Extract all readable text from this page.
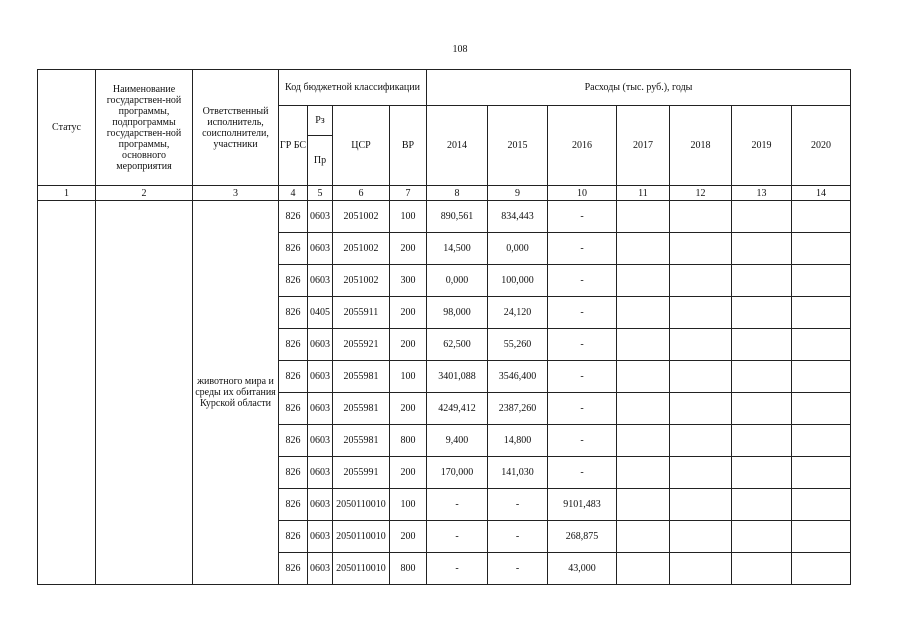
108
Статус	Наименование государствен-ной программы, подпрограммы государствен-ной программы, основного мероприятия	Ответственный исполнитель, соисполнители, участники	Код бюджетной классификации				Расходы (тыс. руб.), годы						
			ГР БС	Рз	ЦСР	ВР	2014	2015	2016	2017	2018	2019	2020
				Пр									
1	2	3	4	5	6	7	8	9	10	11	12	13	14
		животного мира и среды их обитания Курской области	826	0603	2051002	100	890,561	834,443	-				
			826	0603	2051002	200	14,500	0,000	-				
			826	0603	2051002	300	0,000	100,000	-				
			826	0405	2055911	200	98,000	24,120	-				
			826	0603	2055921	200	62,500	55,260	-				
			826	0603	2055981	100	3401,088	3546,400	-				
			826	0603	2055981	200	4249,412	2387,260	-				
			826	0603	2055981	800	9,400	14,800	-				
			826	0603	2055991	200	170,000	141,030	-				
			826	0603	2050110010	100	-	-	9101,483				
			826	0603	2050110010	200	-	-	268,875				
			826	0603	2050110010	800	-	-	43,000				
